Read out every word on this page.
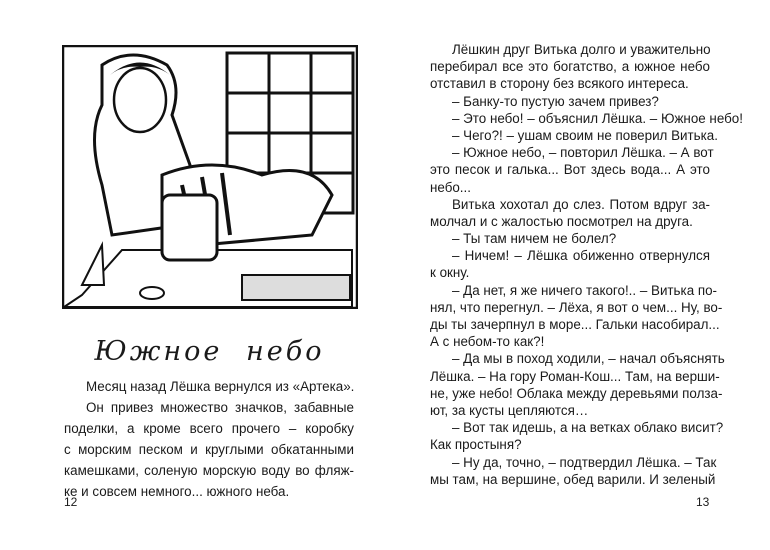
Южное небо
Месяц назад Лёшка вернулся из «Артека».
Он привез множество значков, забавные
поделки, а кроме всего прочего – коробку
с морским песком и круглыми обкатанными
камешками, соленую морскую воду во фляж-
ке и совсем немного... южного неба.
12
Лёшкин друг Витька долго и уважительно
перебирал все это богатство, а южное небо
отставил в сторону без всякого интереса.
– Банку-то пустую зачем привез?
– Это небо! – объяснил Лёшка. – Южное небо!
– Чего?! – ушам своим не поверил Витька.
– Южное небо, – повторил Лёшка. – А вот
это песок и галька... Вот здесь вода... А это
небо...
Витька хохотал до слез. Потом вдруг за-
молчал и с жалостью посмотрел на друга.
– Ты там ничем не болел?
– Ничем! – Лёшка обиженно отвернулся
к окну.
– Да нет, я же ничего такого!.. – Витька по-
нял, что перегнул. – Лёха, я вот о чем... Ну, во-
ды ты зачерпнул в море... Гальки насобирал...
А с небом-то как?!
– Да мы в поход ходили, – начал объяснять
Лёшка. – На гору Роман-Кош... Там, на верши-
не, уже небо! Облака между деревьями полза-
ют, за кусты цепляются…
– Вот так идешь, а на ветках облако висит?
Как простыня?
– Ну да, точно, – подтвердил Лёшка. – Так
мы там, на вершине, обед варили. И зеленый
13
